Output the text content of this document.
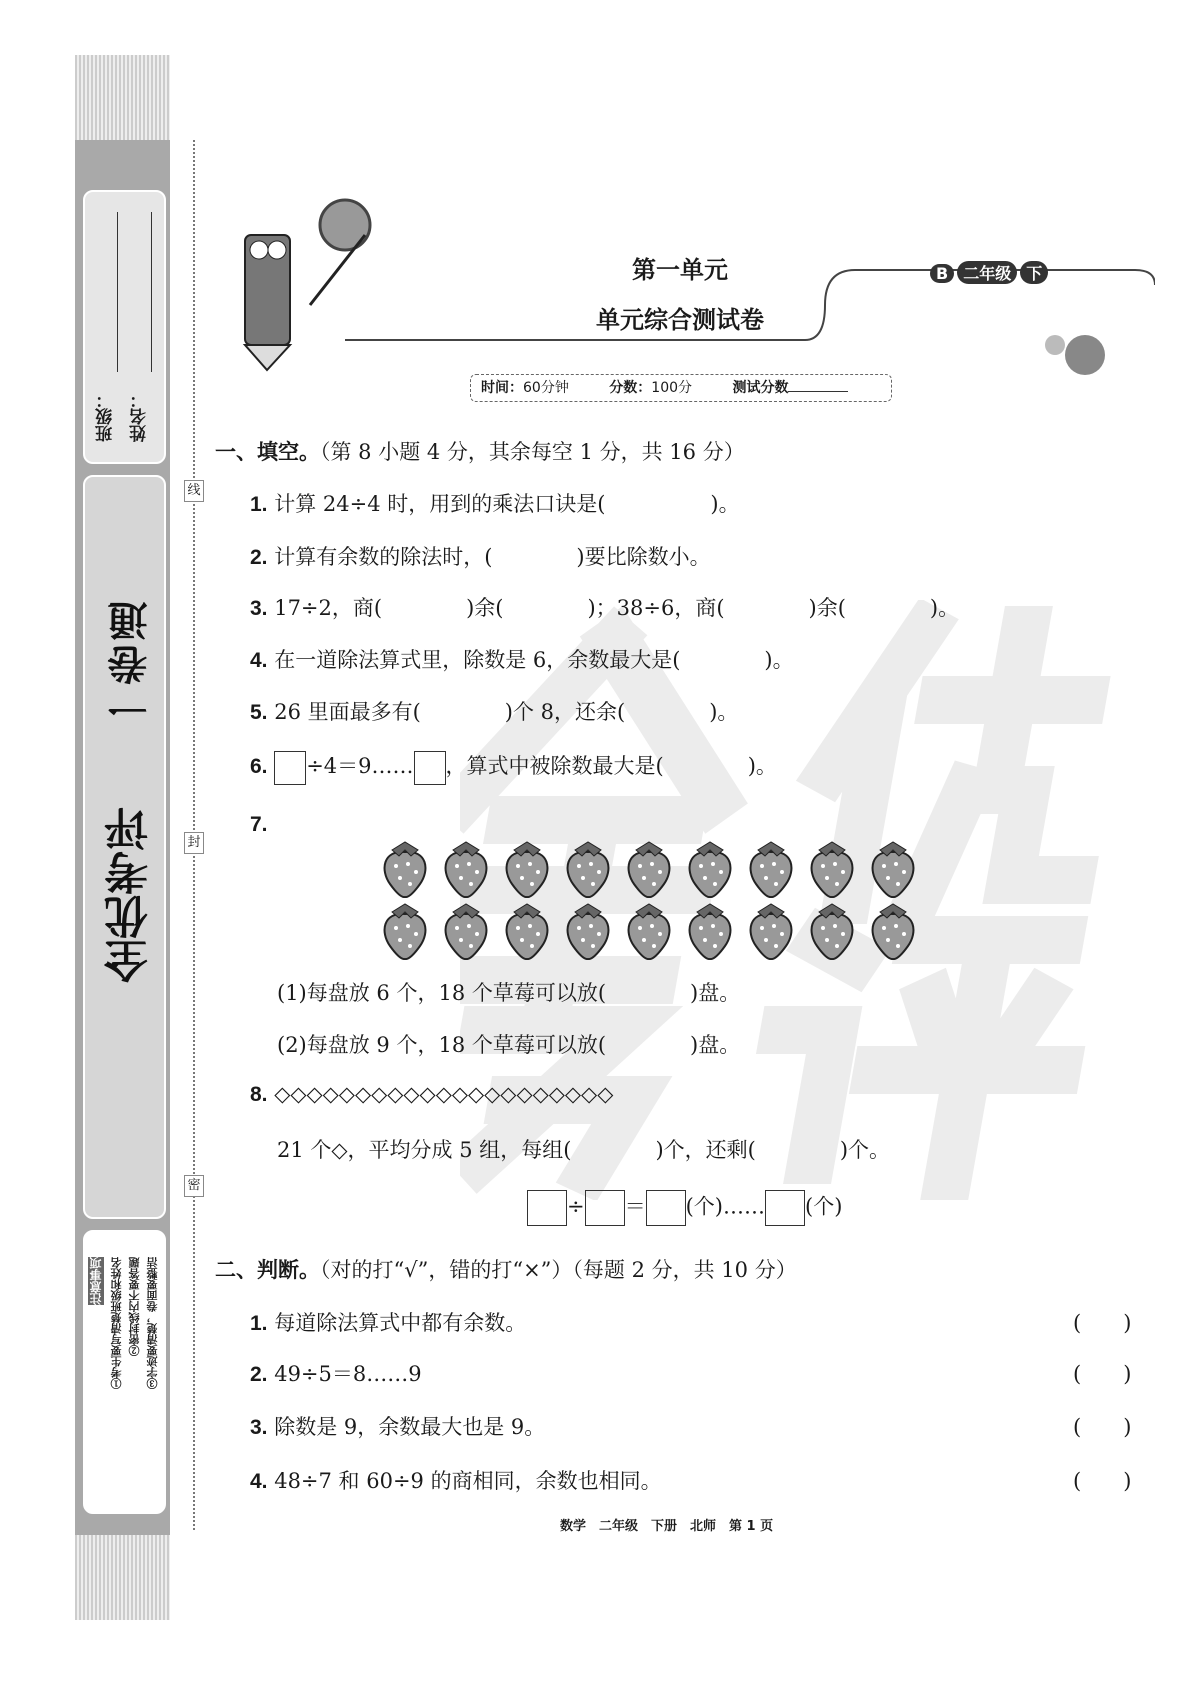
班级： 姓名：
一卷通
全优考评
注意事项 ①考生要写清楚班级和姓名 ②密封线内不要答题 ③字迹要清楚，卷面要整洁
线
封
密
第一单元
单元综合测试卷
B 二年级 下
时间：60分钟	分数：100分	测试分数
一、填空。（第 8 小题 4 分，其余每空 1 分，共 16 分）
1. 计算 24÷4 时，用到的乘法口诀是(　　　　　)。
2. 计算有余数的除法时，(　　　　)要比除数小。
3. 17÷2，商(　　　　)余(　　　　)；38÷6，商(　　　　)余(　　　　)。
4. 在一道除法算式里，除数是 6，余数最大是(　　　　)。
5. 26 里面最多有(　　　　)个 8，还余(　　　　)。
6. ÷4＝9…… ，算式中被除数最大是(　　　　)。
7.
(1)每盘放 6 个，18 个草莓可以放(　　　　)盘。
(2)每盘放 9 个，18 个草莓可以放(　　　　)盘。
8. ◇◇◇◇◇◇◇◇◇◇◇◇◇◇◇◇◇◇◇◇◇
21 个◇，平均分成 5 组，每组(　　　　)个，还剩(　　　　)个。
÷ ＝ (个)…… (个)
二、判断。（对的打“√”，错的打“×”）（每题 2 分，共 10 分）
1. 每道除法算式中都有余数。	(　　)
2. 49÷5＝8……9	(　　)
3. 除数是 9，余数最大也是 9。	(　　)
4. 48÷7 和 60÷9 的商相同，余数也相同。	(　　)
数学　二年级　下册　北师　第 1 页
